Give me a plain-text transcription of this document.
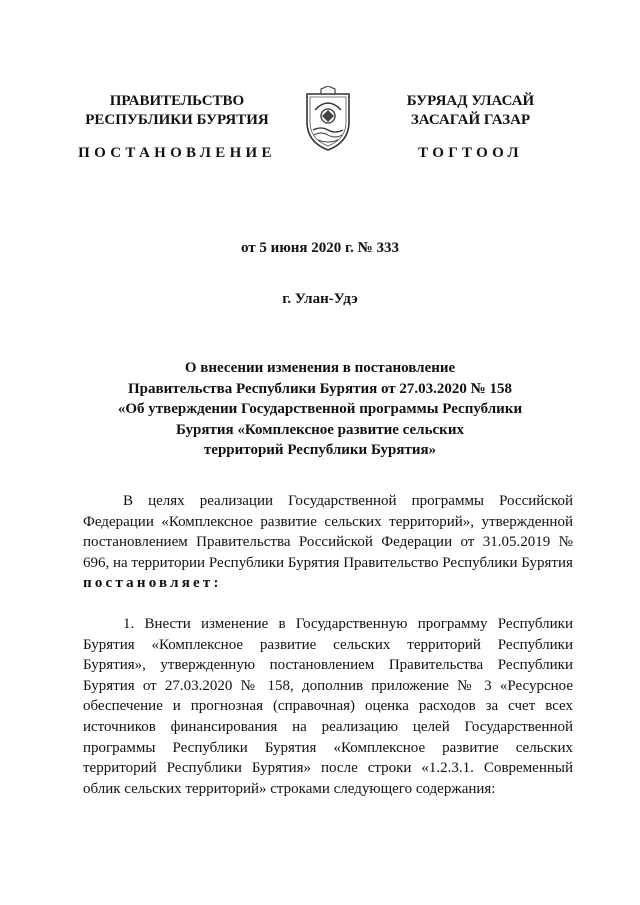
ПРАВИТЕЛЬСТВО
РЕСПУБЛИКИ БУРЯТИЯ
ПОСТАНОВЛЕНИЕ
БУРЯАД УЛАСАЙ
ЗАСАГАЙ ГАЗАР
ТОГТООЛ
от 5 июня 2020 г. № 333
г. Улан-Удэ
О внесении изменения в постановление
Правительства Республики Бурятия от 27.03.2020 № 158
«Об утверждении Государственной программы Республики
Бурятия «Комплексное развитие сельских
территорий Республики Бурятия»

В целях реализации Государственной программы Российской Федерации «Комплексное развитие сельских территорий», утвержденной постановлением Правительства Российской Федерации от 31.05.2019 № 696, на территории Республики Бурятия Правительство Республики Бурятия

постановляет:

1. Внести изменение в Государственную программу Республики Бурятия «Комплексное развитие сельских территорий Республики Бурятия», утвержденную постановлением Правительства Республики Бурятия от 27.03.2020 № 158, дополнив приложение № 3 «Ресурсное обеспечение и прогнозная (справочная) оценка расходов за счет всех источников финансирования на реализацию целей Государственной программы Республики Бурятия «Комплексное развитие сельских территорий Республики Бурятия» после строки «1.2.3.1. Современный облик сельских территорий» строками следующего содержания:
